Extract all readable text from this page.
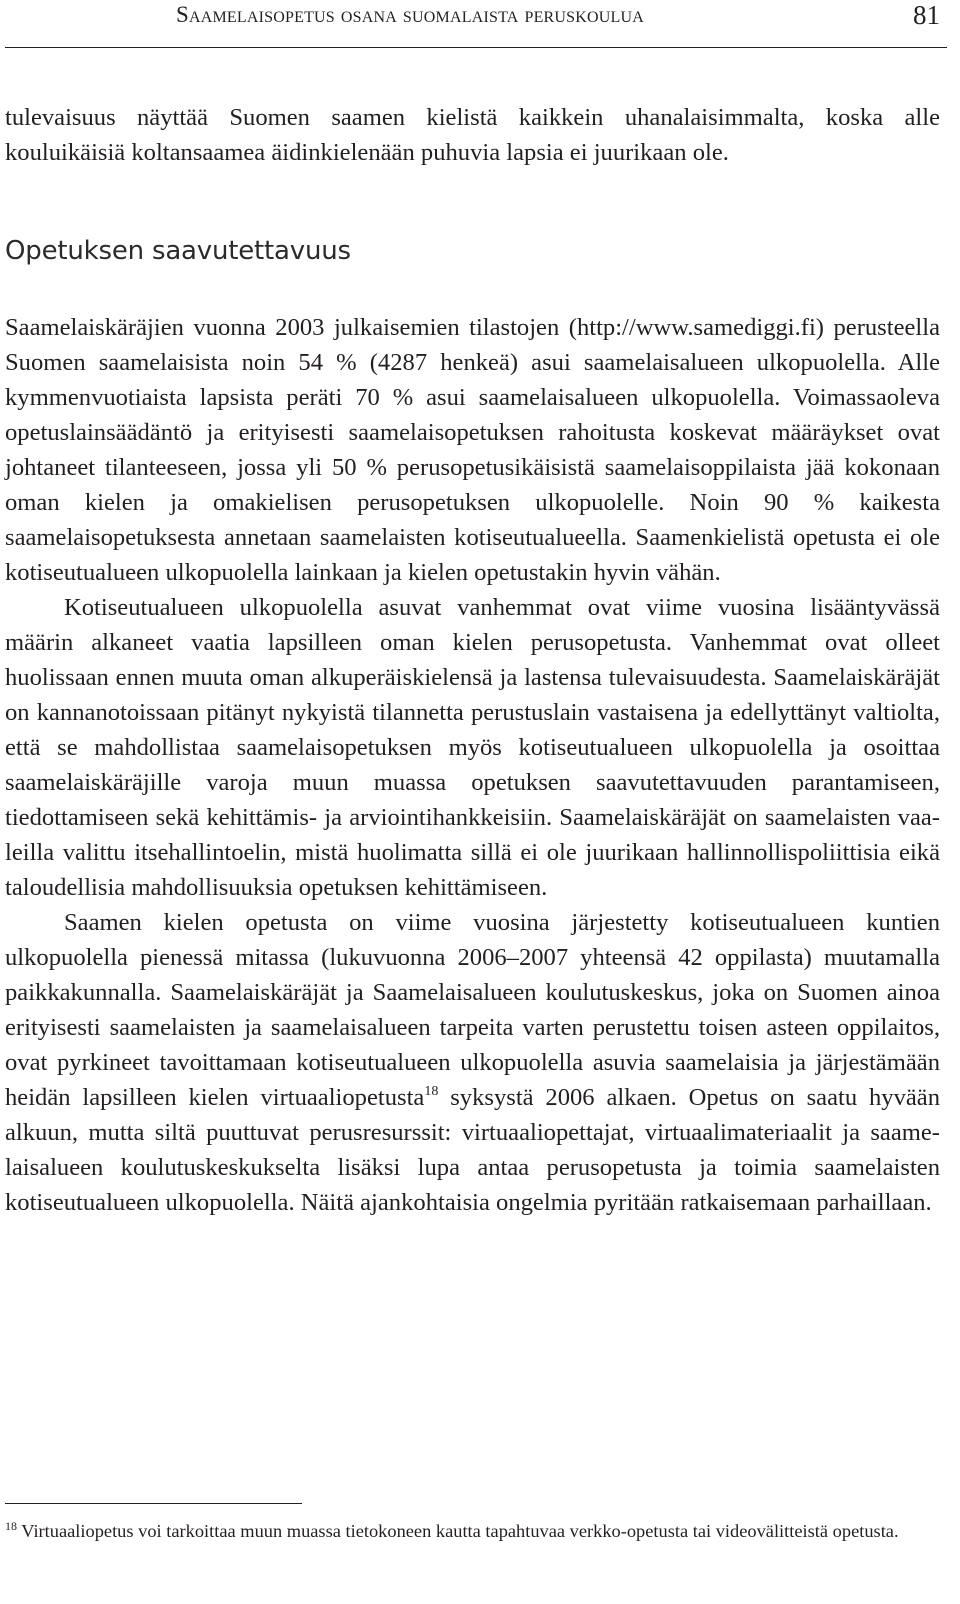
Saamelaisopetus osana suomalaista peruskoulua	81

tulevaisuus näyttää Suomen saamen kielistä kaikkein uhanalaisimmalta, koska alle kouluikäisiä koltansaamea äidinkielenään puhuvia lapsia ei juurikaan ole.

Opetuksen saavutettavuus

Saamelaiskäräjien vuonna 2003 julkaisemien tilastojen (http://www.samediggi.fi) perusteella Suomen saamelaisista noin 54 % (4287 henkeä) asui saamelaisalueen ulkopuolella. Alle kymmenvuotiaista lapsista peräti 70 % asui saamelaisalueen ulkopuolella. Voimassaoleva opetuslainsäädäntö ja erityisesti saamelaisopetuksen rahoitusta koskevat määräykset ovat johtaneet tilanteeseen, jossa yli 50 % perusopetusikäisistä saamelaisoppilaista jää kokonaan oman kielen ja omakielisen perusopetuksen ulkopuolelle. Noin 90 % kaikesta saamelaisopetuksesta annetaan saamelaisten kotiseutualueella. Saamenkielistä opetusta ei ole kotiseutualueen ulkopuolella lainkaan ja kielen opetustakin hyvin vähän.

Kotiseutualueen ulkopuolella asuvat vanhemmat ovat viime vuosina lisääntyvässä määrin alkaneet vaatia lapsilleen oman kielen perusopetusta. Vanhemmat ovat olleet huolissaan ennen muuta oman alkuperäiskielensä ja lastensa tulevaisuudesta. Saamelaiskäräjät on kannanotoissaan pitänyt nykyistä tilannetta perustuslain vastaisena ja edellyttänyt valtiolta, että se mahdollistaa saamelaisopetuksen myös kotiseutualueen ulkopuolella ja osoittaa saamelaiskäräjille varoja muun muassa opetuksen saavutettavuuden parantamiseen, tiedottamiseen sekä kehittämis- ja arviointihankkeisiin. Saamelaiskäräjät on saamelaisten vaaleilla valittu itsehallintoelin, mistä huolimatta sillä ei ole juurikaan hallinnollispoliittisia eikä taloudellisia mahdollisuuksia opetuksen kehittämiseen.

Saamen kielen opetusta on viime vuosina järjestetty kotiseutualueen kuntien ulkopuolella pienessä mitassa (lukuvuonna 2006–2007 yhteensä 42 oppilasta) muutamalla paikkakunnalla. Saamelaiskäräjät ja Saamelaisalueen koulutuskeskus, joka on Suomen ainoa erityisesti saamelaisten ja saamelaisalueen tarpeita varten perustettu toisen asteen oppilaitos, ovat pyrkineet tavoittamaan kotiseutualueen ulkopuolella asuvia saamelaisia ja järjestämään heidän lapsilleen kielen virtuaaliopetusta$^{18}$ syksystä 2006 alkaen. Opetus on saatu hyvään alkuun, mutta siltä puuttuvat perusresurssit: virtuaaliopettajat, virtuaalimateriaalit ja saamelaisalueen koulutuskeskukselta lisäksi lupa antaa perusopetusta ja toimia saamelaisten kotiseutualueen ulkopuolella. Näitä ajankohtaisia ongelmia pyritään ratkaisemaan parhaillaan.

$^{18}$ Virtuaaliopetus voi tarkoittaa muun muassa tietokoneen kautta tapahtuvaa verkko-opetusta tai videovälitteistä opetusta.
